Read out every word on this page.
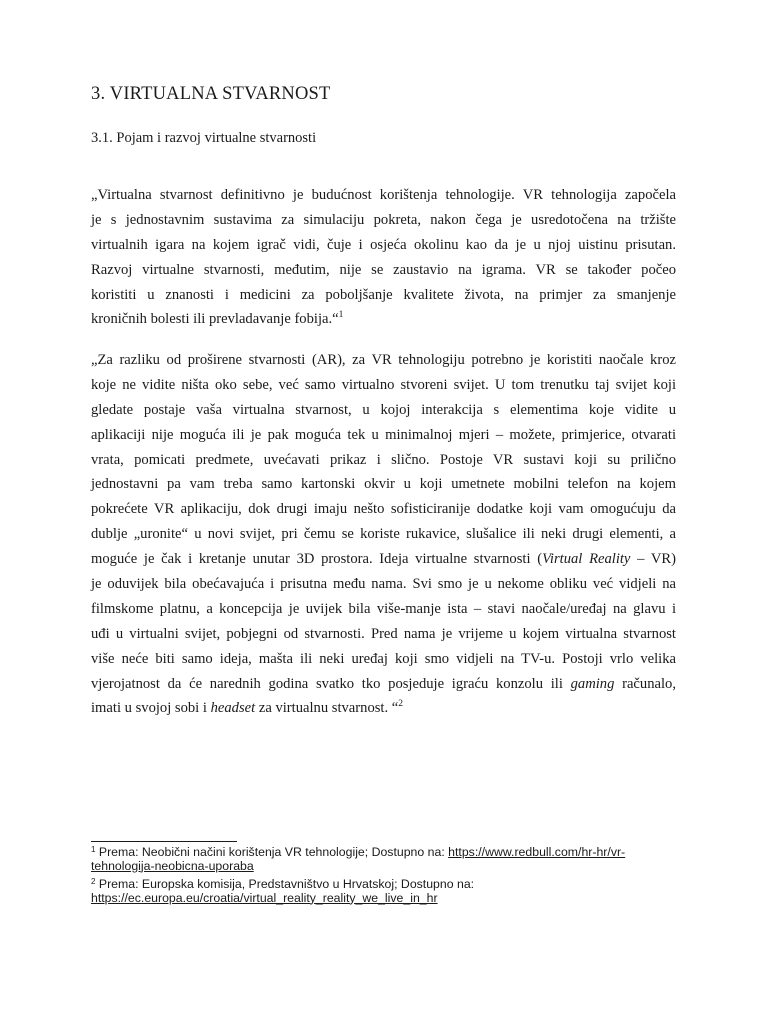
3. VIRTUALNA STVARNOST
3.1. Pojam i razvoj virtualne stvarnosti
„Virtualna stvarnost definitivno je budućnost korištenja tehnologije. VR tehnologija započela
je s jednostavnim sustavima za simulaciju pokreta, nakon čega je usredotočena na tržište
virtualnih igara na kojem igrač vidi, čuje i osjeća okolinu kao da je u njoj uistinu prisutan.
Razvoj virtualne stvarnosti, međutim, nije se zaustavio na igrama. VR se također počeo
koristiti u znanosti i medicini za poboljšanje kvalitete života, na primjer za smanjenje
kroničnih bolesti ili prevladavanje fobija.“$^1$
„Za razliku od proširene stvarnosti (AR), za VR tehnologiju potrebno je koristiti naočale kroz
koje ne vidite ništa oko sebe, već samo virtualno stvoreni svijet. U tom trenutku taj svijet koji
gledate postaje vaša virtualna stvarnost, u kojoj interakcija s elementima koje vidite u
aplikaciji nije moguća ili je pak moguća tek u minimalnoj mjeri – možete, primjerice, otvarati
vrata, pomicati predmete, uvećavati prikaz i slično. Postoje VR sustavi koji su prilično
jednostavni pa vam treba samo kartonski okvir u koji umetnete mobilni telefon na kojem
pokrećete VR aplikaciju, dok drugi imaju nešto sofisticiranije dodatke koji vam omogućuju da
dublje „uronite“ u novi svijet, pri čemu se koriste rukavice, slušalice ili neki drugi elementi, a
moguće je čak i kretanje unutar 3D prostora. Ideja virtualne stvarnosti (Virtual Reality – VR)
je oduvijek bila obećavajuća i prisutna među nama. Svi smo je u nekome obliku već vidjeli na
filmskome platnu, a koncepcija je uvijek bila više-manje ista – stavi naočale/uređaj na glavu i
uđi u virtualni svijet, pobjegni od stvarnosti. Pred nama je vrijeme u kojem virtualna stvarnost
više neće biti samo ideja, mašta ili neki uređaj koji smo vidjeli na TV-u. Postoji vrlo velika
vjerojatnost da će narednih godina svatko tko posjeduje igraću konzolu ili gaming računalo,
imati u svojoj sobi i headset za virtualnu stvarnost. “$^2$
$^1$ Prema: Neobični načini korištenja VR tehnologije; Dostupno na: https://www.redbull.com/hr-hr/vr-
tehnologija-neobicna-uporaba
$^2$ Prema: Europska komisija, Predstavništvo u Hrvatskoj; Dostupno na:
https://ec.europa.eu/croatia/virtual_reality_reality_we_live_in_hr
